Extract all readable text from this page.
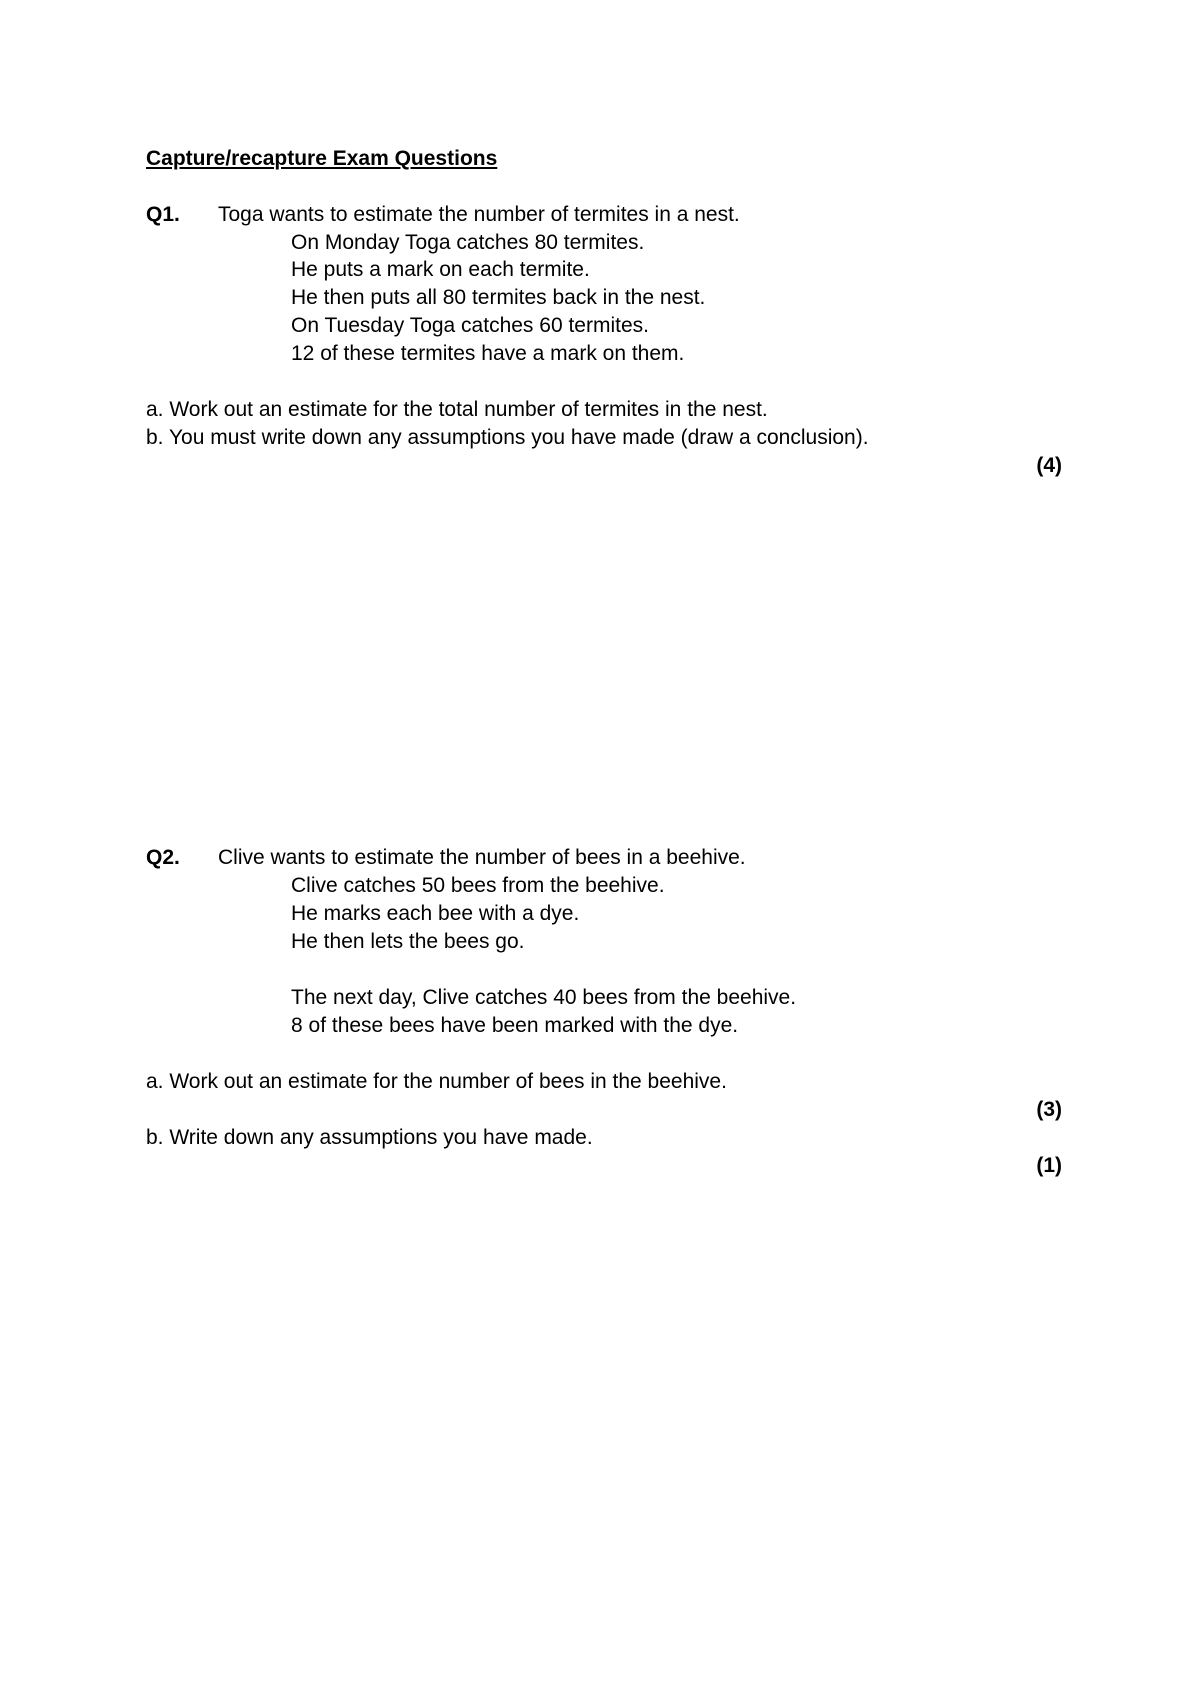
Capture/recapture Exam Questions
Q1. Toga wants to estimate the number of termites in a nest.
On Monday Toga catches 80 termites.
He puts a mark on each termite.
He then puts all 80 termites back in the nest.
On Tuesday Toga catches 60 termites.
12 of these termites have a mark on them.
a. Work out an estimate for the total number of termites in the nest.
b. You must write down any assumptions you have made (draw a conclusion).
(4)
Q2. Clive wants to estimate the number of bees in a beehive.
Clive catches 50 bees from the beehive.
He marks each bee with a dye.
He then lets the bees go.
The next day, Clive catches 40 bees from the beehive.
8 of these bees have been marked with the dye.
a. Work out an estimate for the number of bees in the beehive.
(3)
b. Write down any assumptions you have made.
(1)
